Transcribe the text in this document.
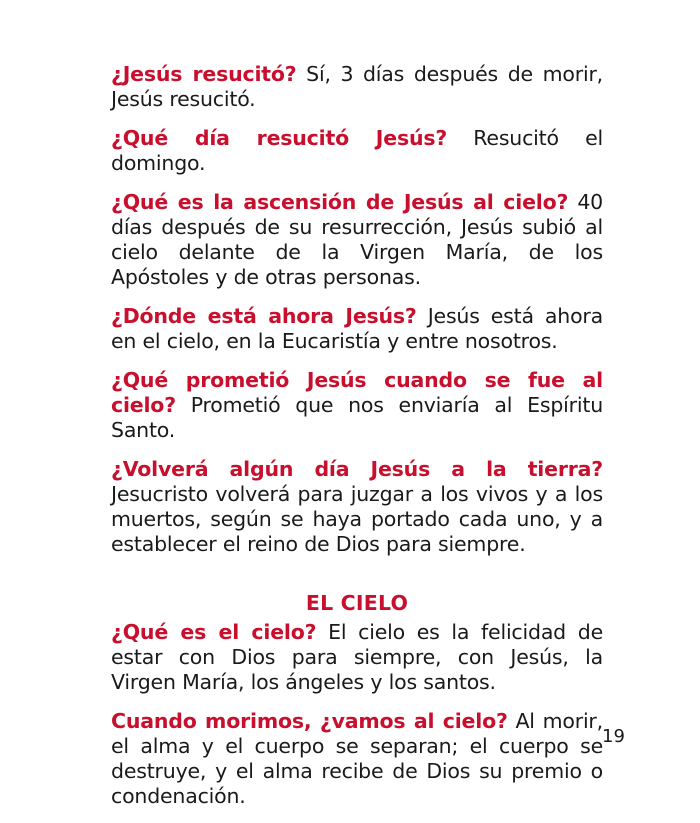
¿Jesús resucitó? Sí, 3 días después de morir, Jesús resucitó.

¿Qué día resucitó Jesús? Resucitó el domingo.

¿Qué es la ascensión de Jesús al cielo? 40 días después de su resurrección, Jesús subió al cielo delante de la Virgen María, de los Apóstoles y de otras personas.

¿Dónde está ahora Jesús? Jesús está ahora en el cielo, en la Eucaristía y entre nosotros.

¿Qué prometió Jesús cuando se fue al cielo? Prometió que nos enviaría al Espíritu Santo.

¿Volverá algún día Jesús a la tierra? Jesucristo volverá para juzgar a los vivos y a los muertos, según se haya portado cada uno, y a establecer el reino de Dios para siempre.

EL CIELO

¿Qué es el cielo? El cielo es la felicidad de estar con Dios para siempre, con Jesús, la Virgen María, los ángeles y los santos.

Cuando morimos, ¿vamos al cielo? Al morir, el alma y el cuerpo se separan; el cuerpo se destruye, y el alma recibe de Dios su premio o condenación.

19
